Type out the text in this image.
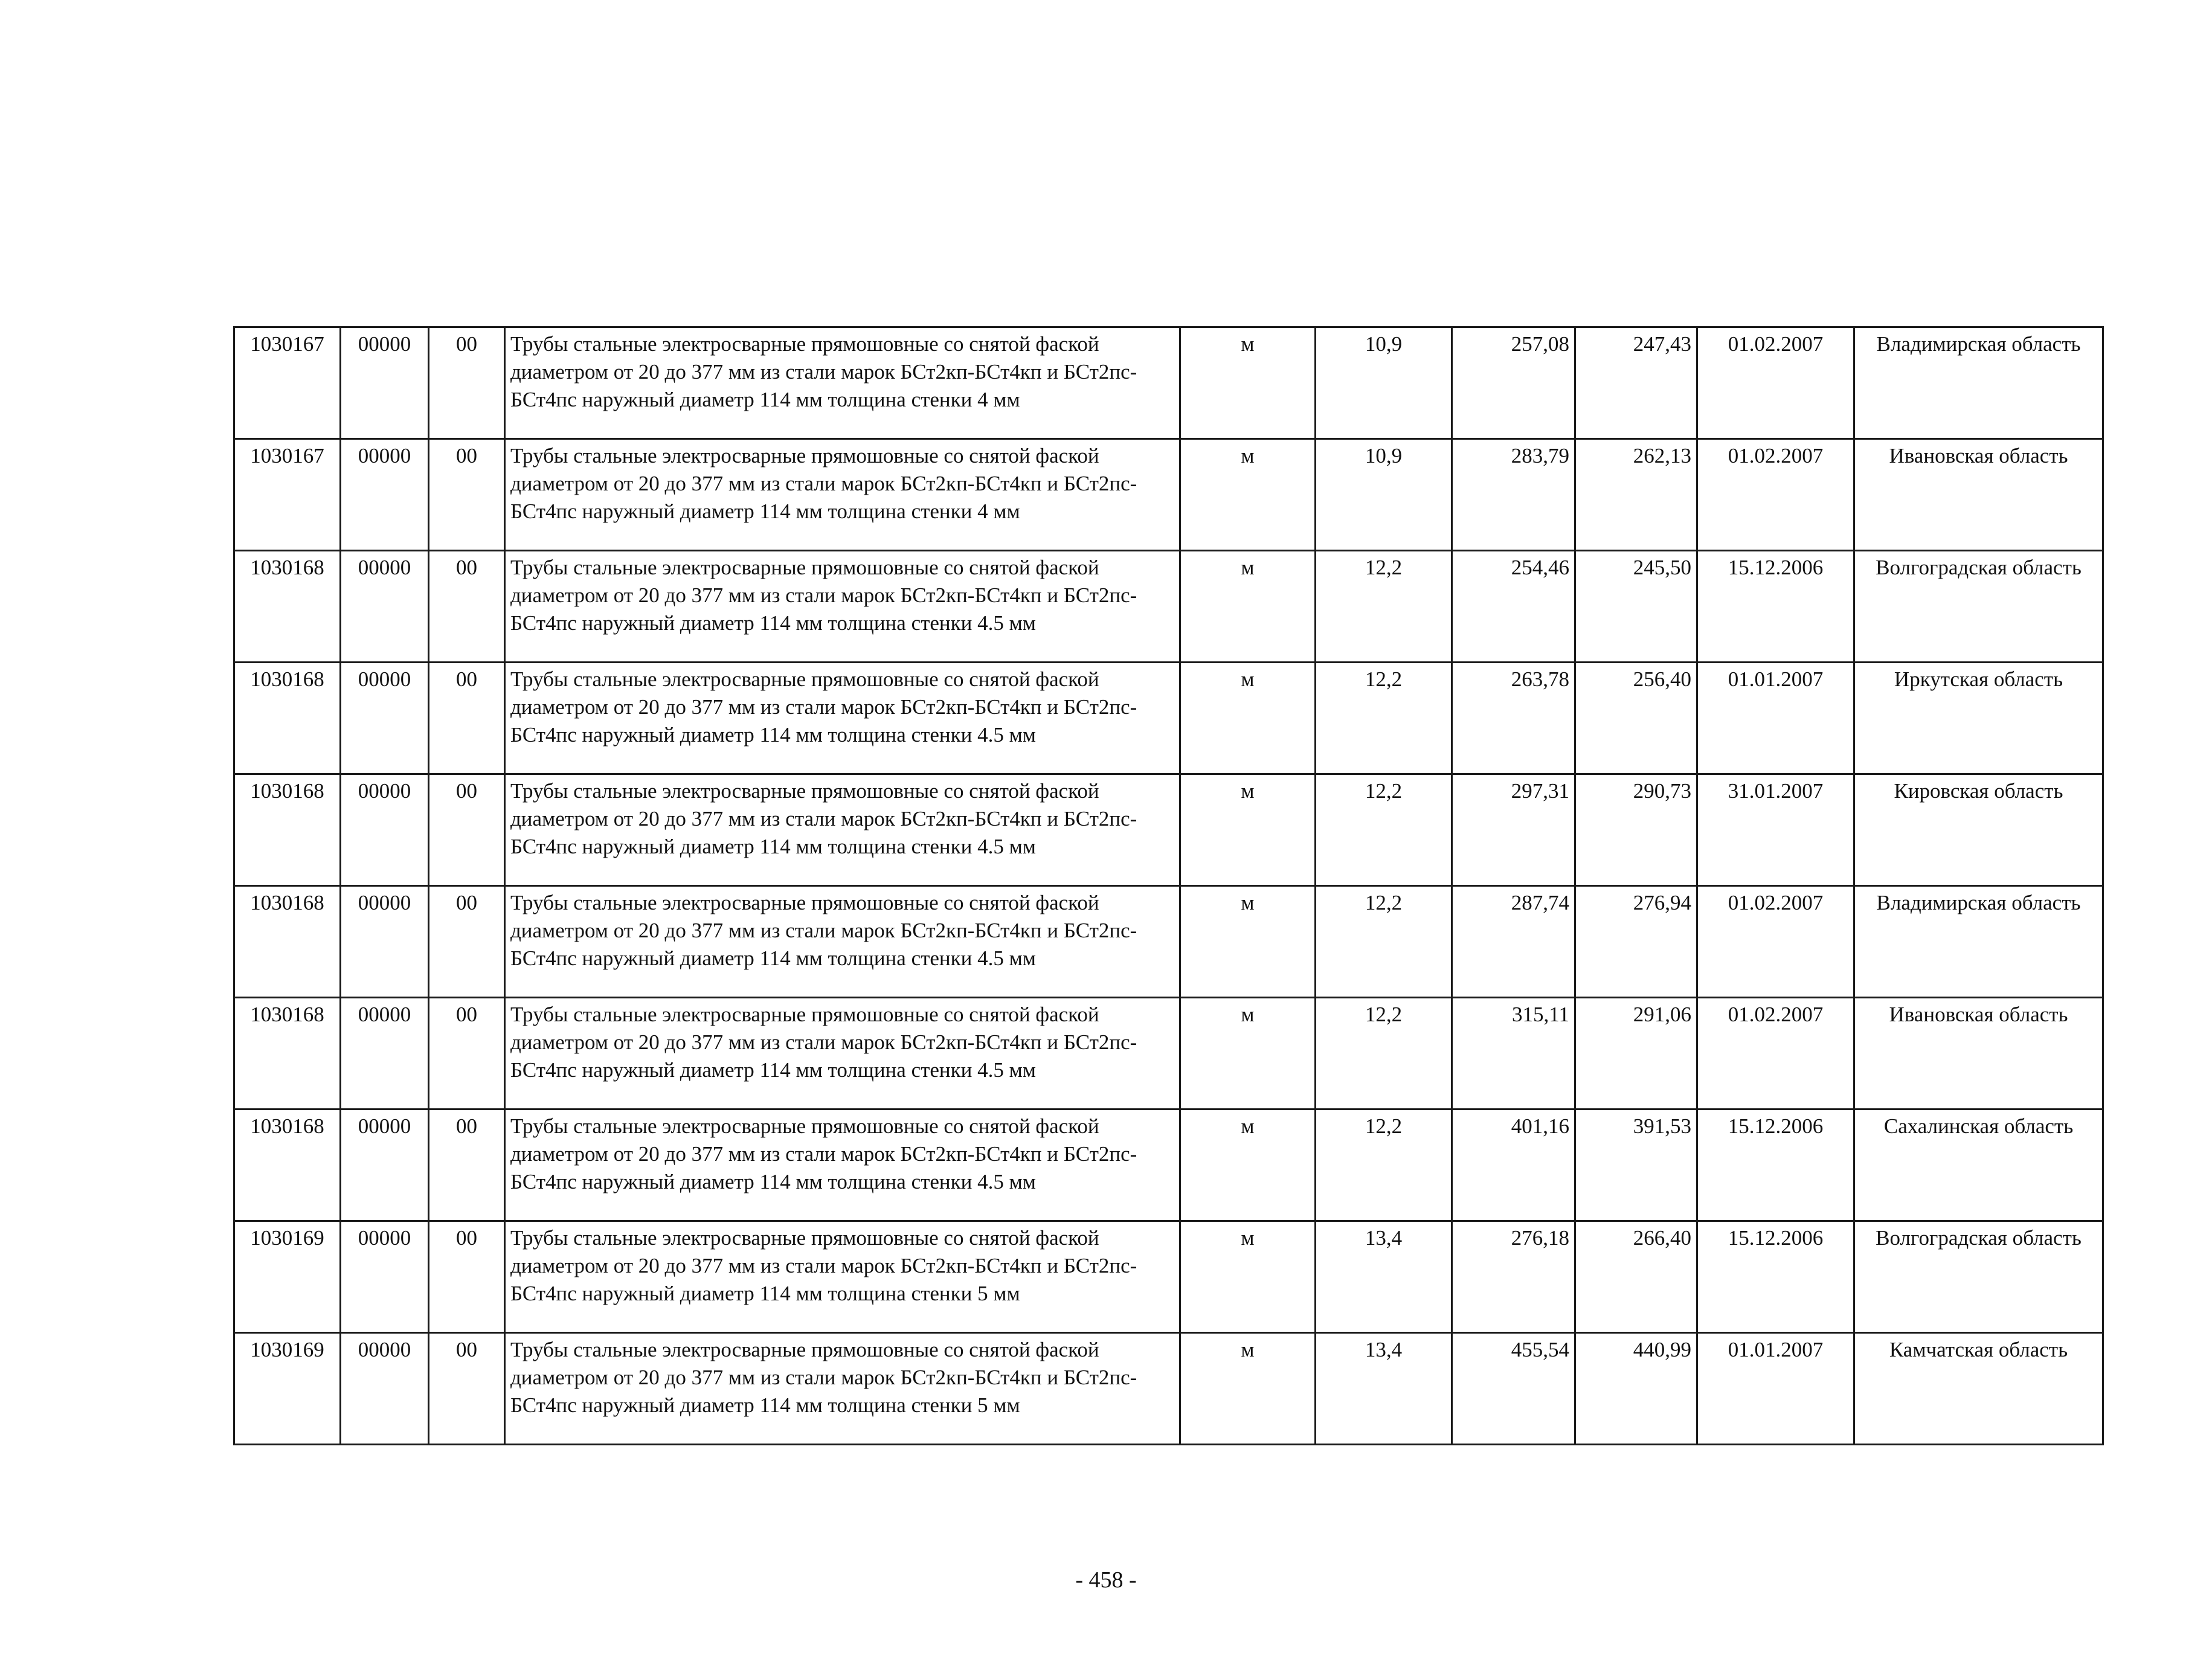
1030167	00000	00	Трубы стальные электросварные прямошовные со снятой фаской диаметром от 20 до 377 мм из стали марок БСт2кп-БСт4кп и БСт2пс-БСт4пс наружный диаметр 114 мм толщина стенки 4 мм	м	10,9	257,08	247,43	01.02.2007	Владимирская область
1030167	00000	00	Трубы стальные электросварные прямошовные со снятой фаской диаметром от 20 до 377 мм из стали марок БСт2кп-БСт4кп и БСт2пс-БСт4пс наружный диаметр 114 мм толщина стенки 4 мм	м	10,9	283,79	262,13	01.02.2007	Ивановская область
1030168	00000	00	Трубы стальные электросварные прямошовные со снятой фаской диаметром от 20 до 377 мм из стали марок БСт2кп-БСт4кп и БСт2пс-БСт4пс наружный диаметр 114 мм толщина стенки 4.5 мм	м	12,2	254,46	245,50	15.12.2006	Волгоградская область
1030168	00000	00	Трубы стальные электросварные прямошовные со снятой фаской диаметром от 20 до 377 мм из стали марок БСт2кп-БСт4кп и БСт2пс-БСт4пс наружный диаметр 114 мм толщина стенки 4.5 мм	м	12,2	263,78	256,40	01.01.2007	Иркутская область
1030168	00000	00	Трубы стальные электросварные прямошовные со снятой фаской диаметром от 20 до 377 мм из стали марок БСт2кп-БСт4кп и БСт2пс-БСт4пс наружный диаметр 114 мм толщина стенки 4.5 мм	м	12,2	297,31	290,73	31.01.2007	Кировская область
1030168	00000	00	Трубы стальные электросварные прямошовные со снятой фаской диаметром от 20 до 377 мм из стали марок БСт2кп-БСт4кп и БСт2пс-БСт4пс наружный диаметр 114 мм толщина стенки 4.5 мм	м	12,2	287,74	276,94	01.02.2007	Владимирская область
1030168	00000	00	Трубы стальные электросварные прямошовные со снятой фаской диаметром от 20 до 377 мм из стали марок БСт2кп-БСт4кп и БСт2пс-БСт4пс наружный диаметр 114 мм толщина стенки 4.5 мм	м	12,2	315,11	291,06	01.02.2007	Ивановская область
1030168	00000	00	Трубы стальные электросварные прямошовные со снятой фаской диаметром от 20 до 377 мм из стали марок БСт2кп-БСт4кп и БСт2пс-БСт4пс наружный диаметр 114 мм толщина стенки 4.5 мм	м	12,2	401,16	391,53	15.12.2006	Сахалинская область
1030169	00000	00	Трубы стальные электросварные прямошовные со снятой фаской диаметром от 20 до 377 мм из стали марок БСт2кп-БСт4кп и БСт2пс-БСт4пс наружный диаметр 114 мм толщина стенки 5 мм	м	13,4	276,18	266,40	15.12.2006	Волгоградская область
1030169	00000	00	Трубы стальные электросварные прямошовные со снятой фаской диаметром от 20 до 377 мм из стали марок БСт2кп-БСт4кп и БСт2пс-БСт4пс наружный диаметр 114 мм толщина стенки 5 мм	м	13,4	455,54	440,99	01.01.2007	Камчатская область
- 458 -
